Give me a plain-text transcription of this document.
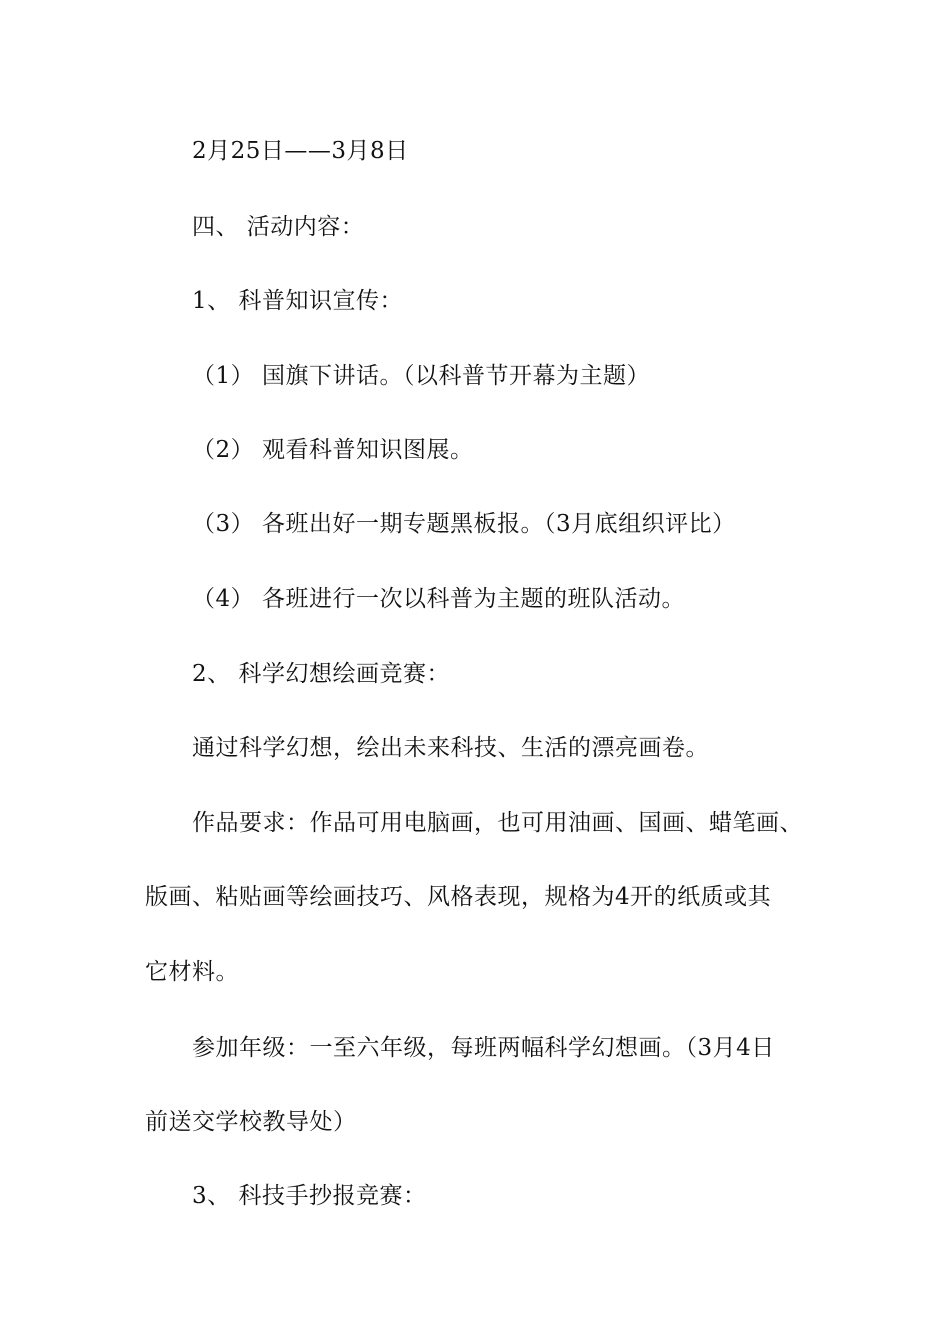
2月25日——3月8日
四、 活动内容：
1、 科普知识宣传：
（1） 国旗下讲话。（以科普节开幕为主题）
（2） 观看科普知识图展。
（3） 各班出好一期专题黑板报。（3月底组织评比）
（4） 各班进行一次以科普为主题的班队活动。
2、 科学幻想绘画竞赛：
通过科学幻想，绘出未来科技、生活的漂亮画卷。
作品要求：作品可用电脑画，也可用油画、国画、蜡笔画、
版画、粘贴画等绘画技巧、风格表现，规格为4开的纸质或其
它材料。
参加年级：一至六年级，每班两幅科学幻想画。（3月4日
前送交学校教导处）
3、 科技手抄报竞赛：
